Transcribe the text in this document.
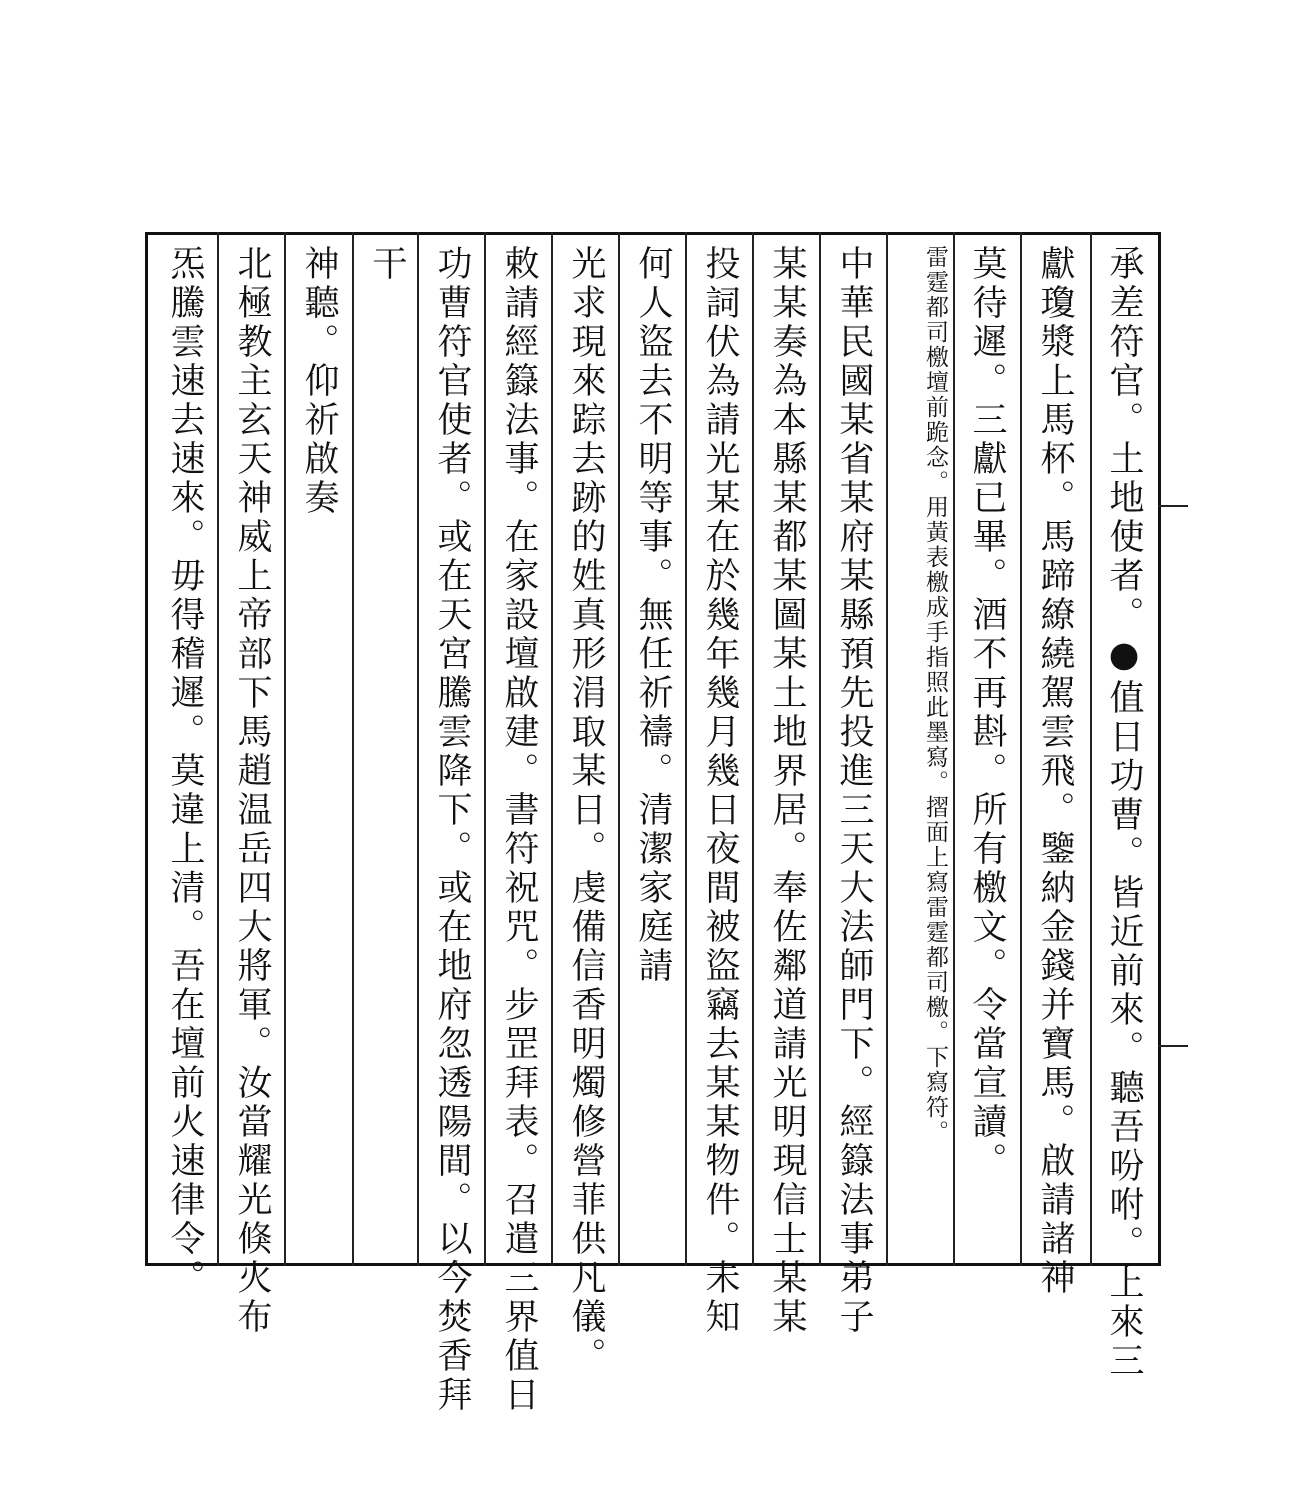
承差符官。土地使者。●值日功曹。皆近前來。聽吾吩咐。上來三
獻瓊漿上馬杯。馬蹄繚繞駕雲飛。鑒納金錢并寶馬。啟請諸神
莫待遲。三獻已畢。酒不再斟。所有檄文。令當宣讀。
雷霆都司檄壇前跪念。用黃表檄成手指照此墨寫。摺面上寫雷霆都司檄。下寫符。
中華民國某省某府某縣預先投進三天大法師門下。經籙法事弟子
某某奏為本縣某都某圖某土地界居。奉佐鄰道請光明現信士某某
投詞伏為請光某在於幾年幾月幾日夜間被盜竊去某某物件。未知
何人盜去不明等事。無任祈禱。清潔家庭請
光求現來踪去跡的姓真形涓取某日。虔備信香明燭修營菲供凡儀。
敕請經籙法事。在家設壇啟建。書符祝咒。步罡拜表。召遣三界值日
功曹符官使者。或在天宮騰雲降下。或在地府忽透陽間。以今焚香拜
干
神聽。仰祈啟奏
北極教主玄天神威上帝部下馬趙温岳四大將軍。汝當耀光倏火布
炁騰雲速去速來。毋得稽遲。莫違上清。吾在壇前火速律令。
